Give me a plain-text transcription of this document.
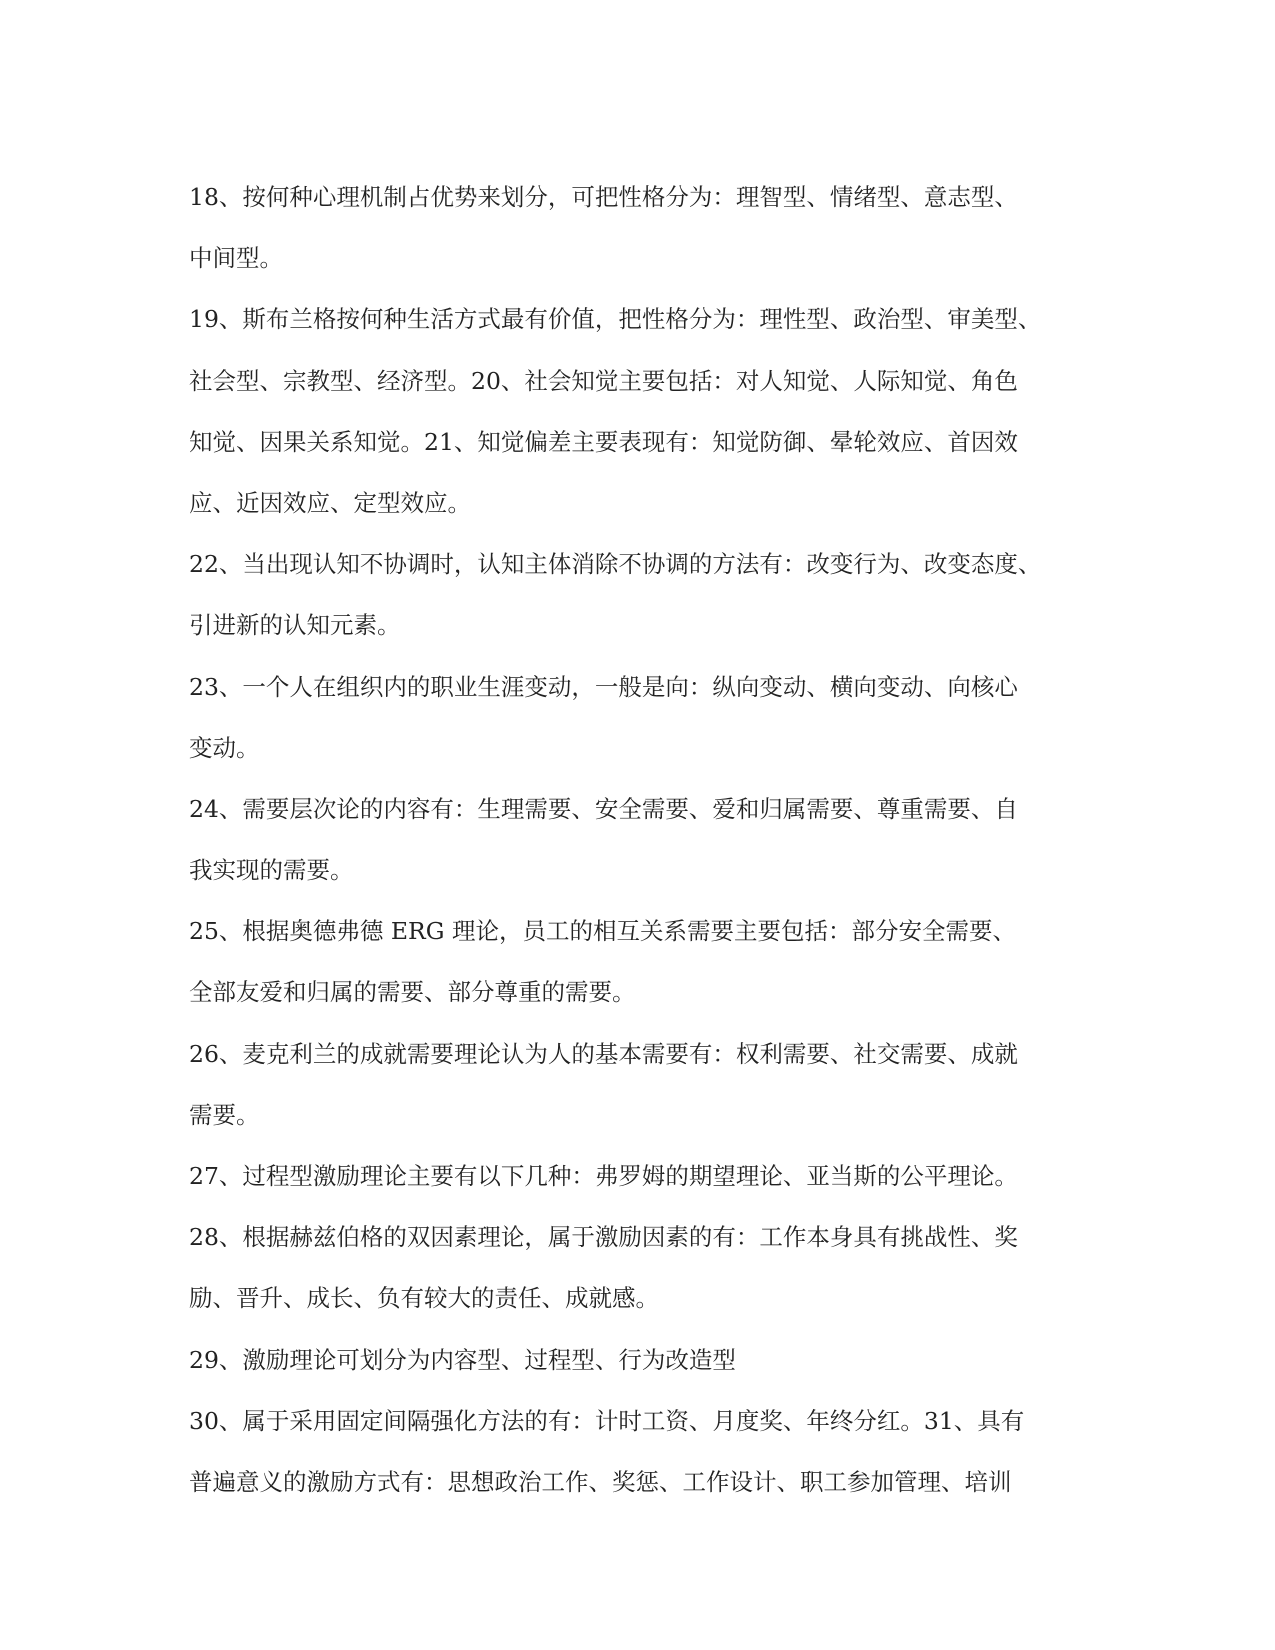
18、按何种心理机制占优势来划分，可把性格分为：理智型、情绪型、意志型、
中间型。
19、斯布兰格按何种生活方式最有价值，把性格分为：理性型、政治型、审美型、
社会型、宗教型、经济型。20、社会知觉主要包括：对人知觉、人际知觉、角色
知觉、因果关系知觉。21、知觉偏差主要表现有：知觉防御、晕轮效应、首因效
应、近因效应、定型效应。
22、当出现认知不协调时，认知主体消除不协调的方法有：改变行为、改变态度、
引进新的认知元素。
23、一个人在组织内的职业生涯变动，一般是向：纵向变动、横向变动、向核心
变动。
24、需要层次论的内容有：生理需要、安全需要、爱和归属需要、尊重需要、自
我实现的需要。
25、根据奥德弗德 ERG 理论，员工的相互关系需要主要包括：部分安全需要、
全部友爱和归属的需要、部分尊重的需要。
26、麦克利兰的成就需要理论认为人的基本需要有：权利需要、社交需要、成就
需要。
27、过程型激励理论主要有以下几种：弗罗姆的期望理论、亚当斯的公平理论。
28、根据赫兹伯格的双因素理论，属于激励因素的有：工作本身具有挑战性、奖
励、晋升、成长、负有较大的责任、成就感。
29、激励理论可划分为内容型、过程型、行为改造型
30、属于采用固定间隔强化方法的有：计时工资、月度奖、年终分红。31、具有
普遍意义的激励方式有：思想政治工作、奖惩、工作设计、职工参加管理、培训
